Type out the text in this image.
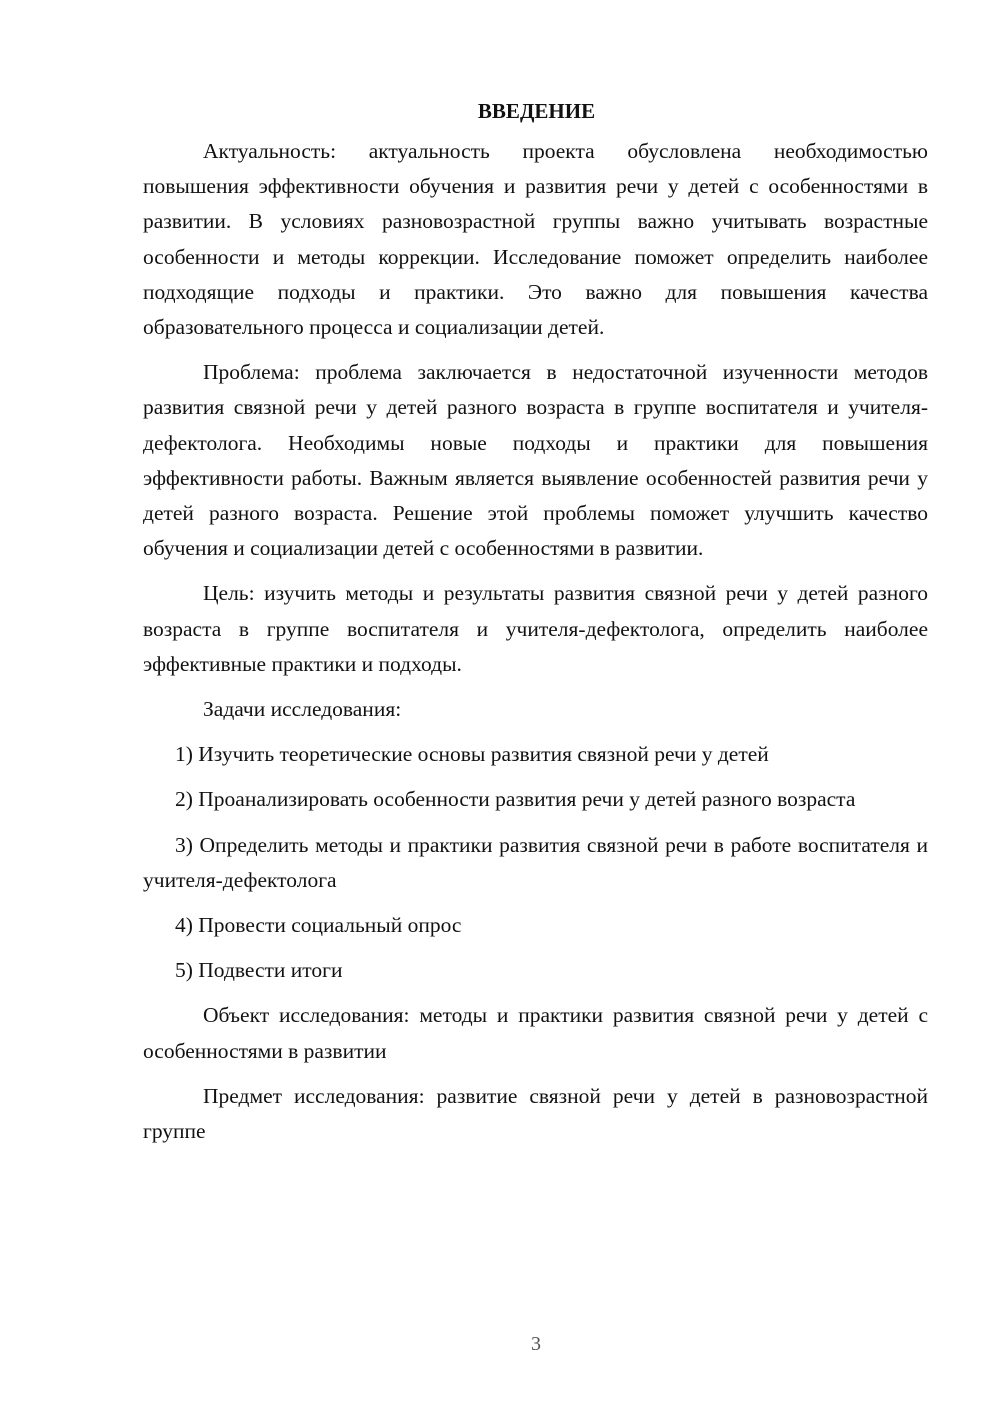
ВВЕДЕНИЕ

Актуальность: актуальность проекта обусловлена необходимостью повышения эффективности обучения и развития речи у детей с особенностями в развитии. В условиях разновозрастной группы важно учитывать возрастные особенности и методы коррекции. Исследование поможет определить наиболее подходящие подходы и практики. Это важно для повышения качества образовательного процесса и социализации детей.

Проблема: проблема заключается в недостаточной изученности методов развития связной речи у детей разного возраста в группе воспитателя и учителя-дефектолога. Необходимы новые подходы и практики для повышения эффективности работы. Важным является выявление особенностей развития речи у детей разного возраста. Решение этой проблемы поможет улучшить качество обучения и социализации детей с особенностями в развитии.

Цель: изучить методы и результаты развития связной речи у детей разного возраста в группе воспитателя и учителя-дефектолога, определить наиболее эффективные практики и подходы.

Задачи исследования:

1) Изучить теоретические основы развития связной речи у детей

2) Проанализировать особенности развития речи у детей разного возраста

3) Определить методы и практики развития связной речи в работе воспитателя и учителя-дефектолога

4) Провести социальный опрос

5) Подвести итоги

Объект исследования: методы и практики развития связной речи у детей с особенностями в развитии

Предмет исследования: развитие связной речи у детей в разновозрастной группе

3
